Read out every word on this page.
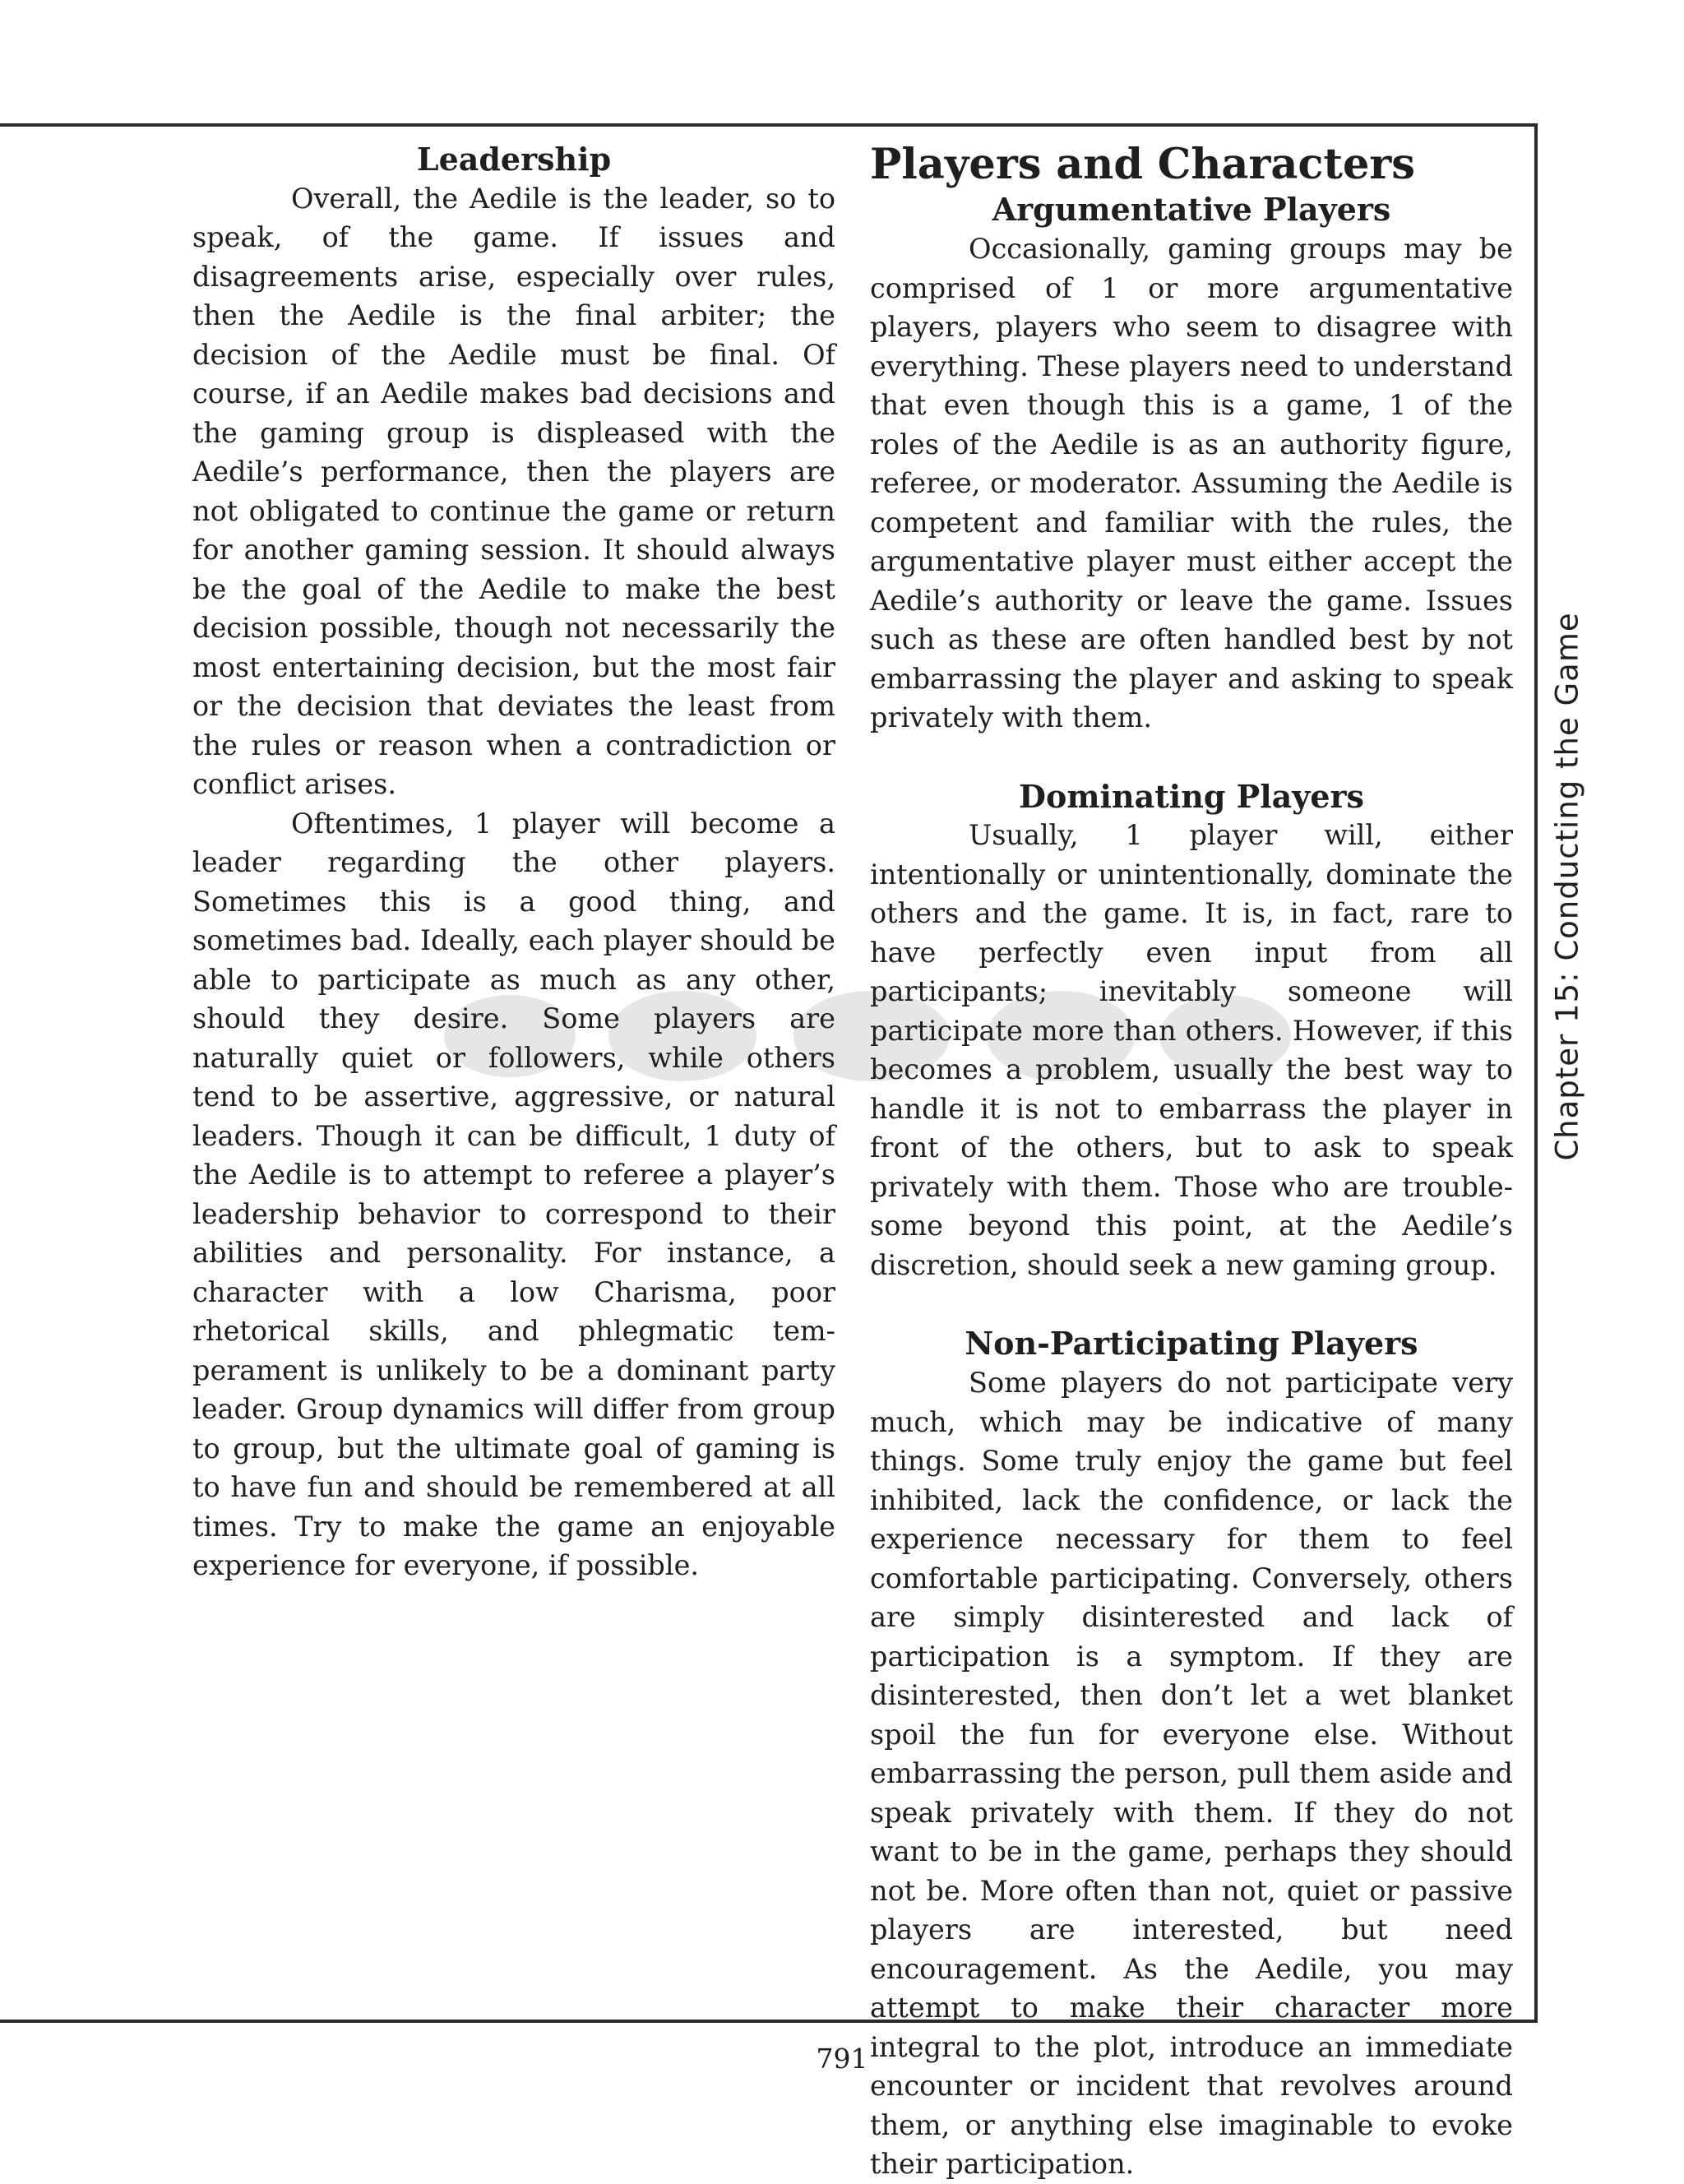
Leadership

Overall, the Aedile is the leader, so to speak, of the game. If issues and disagreements arise, especially over rules, then the Aedile is the final arbiter; the decision of the Aedile must be final. Of course, if an Aedile makes bad decisions and the gaming group is displeased with the Aedile’s performance, then the players are not obligated to continue the game or return for another gaming session. It should always be the goal of the Aedile to make the best decision possible, though not necessarily the most entertaining decision, but the most fair or the decision that deviates the least from the rules or reason when a contradiction or conflict arises.

Oftentimes, 1 player will become a leader regarding the other players. Sometimes this is a good thing, and sometimes bad. Ideally, each player should be able to participate as much as any other, should they desire. Some players are naturally quiet or followers, while others tend to be assertive, aggressive, or natural leaders. Though it can be difficult, 1 duty of the Aedile is to attempt to referee a player’s leadership behavior to correspond to their abilities and personality. For instance, a character with a low Charisma, poor rhetorical skills, and phlegmatic temperament is unlikely to be a dominant party leader. Group dynamics will differ from group to group, but the ultimate goal of gaming is to have fun and should be remembered at all times. Try to make the game an enjoyable experience for everyone, if possible.

Players and Characters
Argumentative Players

Occasionally, gaming groups may be comprised of 1 or more argumentative players, players who seem to disagree with everything. These players need to understand that even though this is a game, 1 of the roles of the Aedile is as an authority figure, referee, or moderator. Assuming the Aedile is competent and familiar with the rules, the argumentative player must either accept the Aedile’s authority or leave the game. Issues such as these are often handled best by not embarrassing the player and asking to speak privately with them.

Dominating Players

Usually, 1 player will, either intentionally or unintentionally, dominate the others and the game. It is, in fact, rare to have perfectly even input from all participants; inevitably someone will participate more than others. However, if this becomes a problem, usually the best way to handle it is not to embarrass the player in front of the others, but to ask to speak privately with them. Those who are troublesome beyond this point, at the Aedile’s discretion, should seek a new gaming group.

Non-Participating Players

Some players do not participate very much, which may be indicative of many things. Some truly enjoy the game but feel inhibited, lack the confidence, or lack the experience necessary for them to feel comfortable participating. Conversely, others are simply disinterested and lack of participation is a symptom. If they are disinterested, then don’t let a wet blanket spoil the fun for everyone else. Without embarrassing the person, pull them aside and speak privately with them. If they do not want to be in the game, perhaps they should not be. More often than not, quiet or passive players are interested, but need encouragement. As the Aedile, you may attempt to make their character more integral to the plot, introduce an immediate encounter or incident that revolves around them, or anything else imaginable to evoke their participation.

Chapter 15: Conducting the Game
791
